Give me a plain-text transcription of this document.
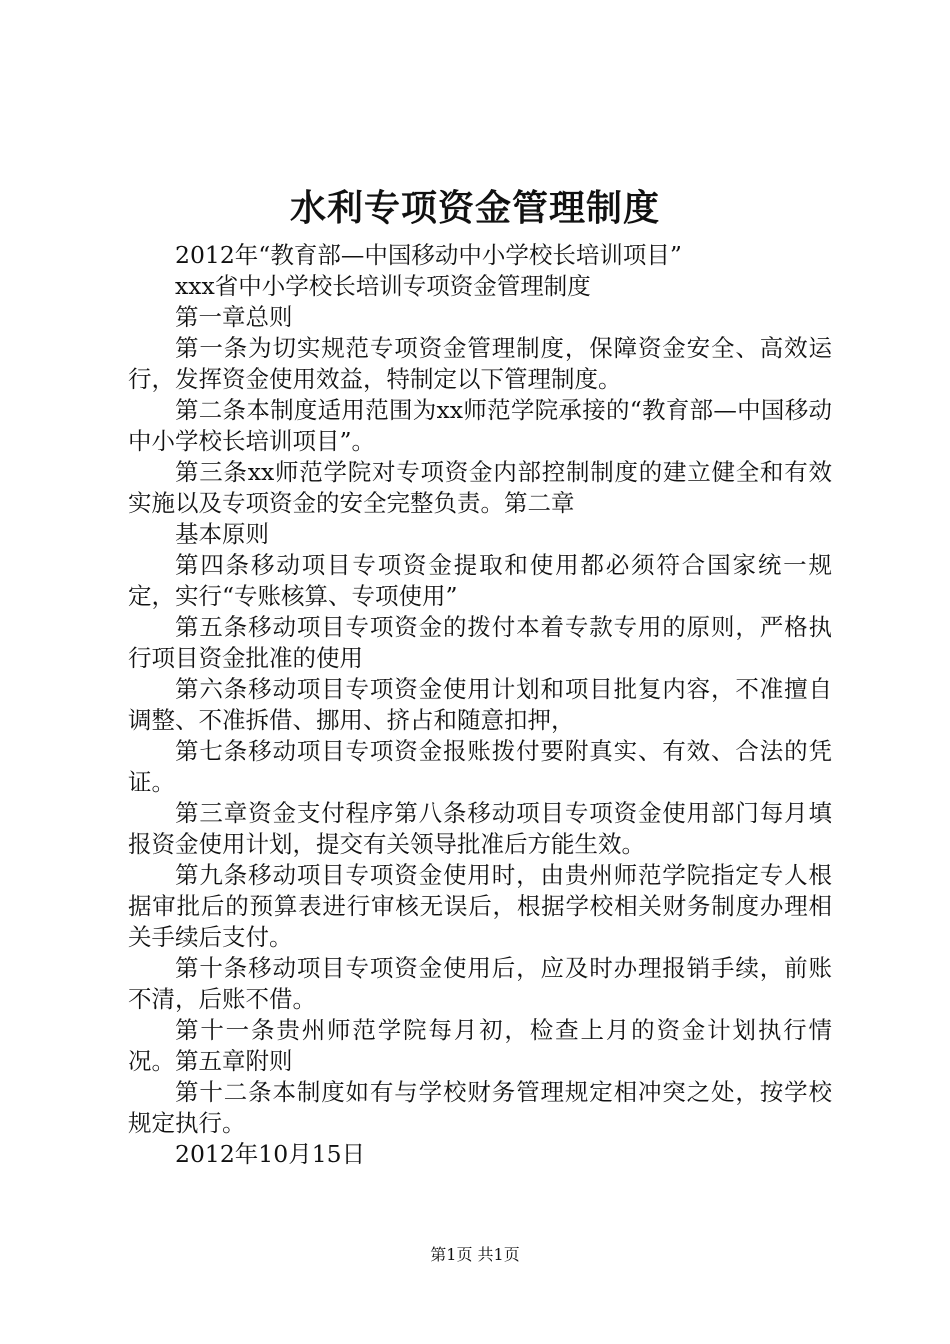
水利专项资金管理制度

2012年“教育部—中国移动中小学校长培训项目”

xxx省中小学校长培训专项资金管理制度

第一章总则

第一条为切实规范专项资金管理制度，保障资金安全、高效运行，发挥资金使用效益，特制定以下管理制度。

第二条本制度适用范围为xx师范学院承接的“教育部—中国移动中小学校长培训项目”。

第三条xx师范学院对专项资金内部控制制度的建立健全和有效实施以及专项资金的安全完整负责。第二章

基本原则

第四条移动项目专项资金提取和使用都必须符合国家统一规定，实行“专账核算、专项使用”

第五条移动项目专项资金的拨付本着专款专用的原则，严格执行项目资金批准的使用

第六条移动项目专项资金使用计划和项目批复内容，不准擅自调整、不准拆借、挪用、挤占和随意扣押，

第七条移动项目专项资金报账拨付要附真实、有效、合法的凭证。

第三章资金支付程序第八条移动项目专项资金使用部门每月填报资金使用计划，提交有关领导批准后方能生效。

第九条移动项目专项资金使用时，由贵州师范学院指定专人根据审批后的预算表进行审核无误后，根据学校相关财务制度办理相关手续后支付。

第十条移动项目专项资金使用后，应及时办理报销手续，前账不清，后账不借。

第十一条贵州师范学院每月初，检查上月的资金计划执行情况。第五章附则

第十二条本制度如有与学校财务管理规定相冲突之处，按学校规定执行。

2012年10月15日

第1页 共1页
